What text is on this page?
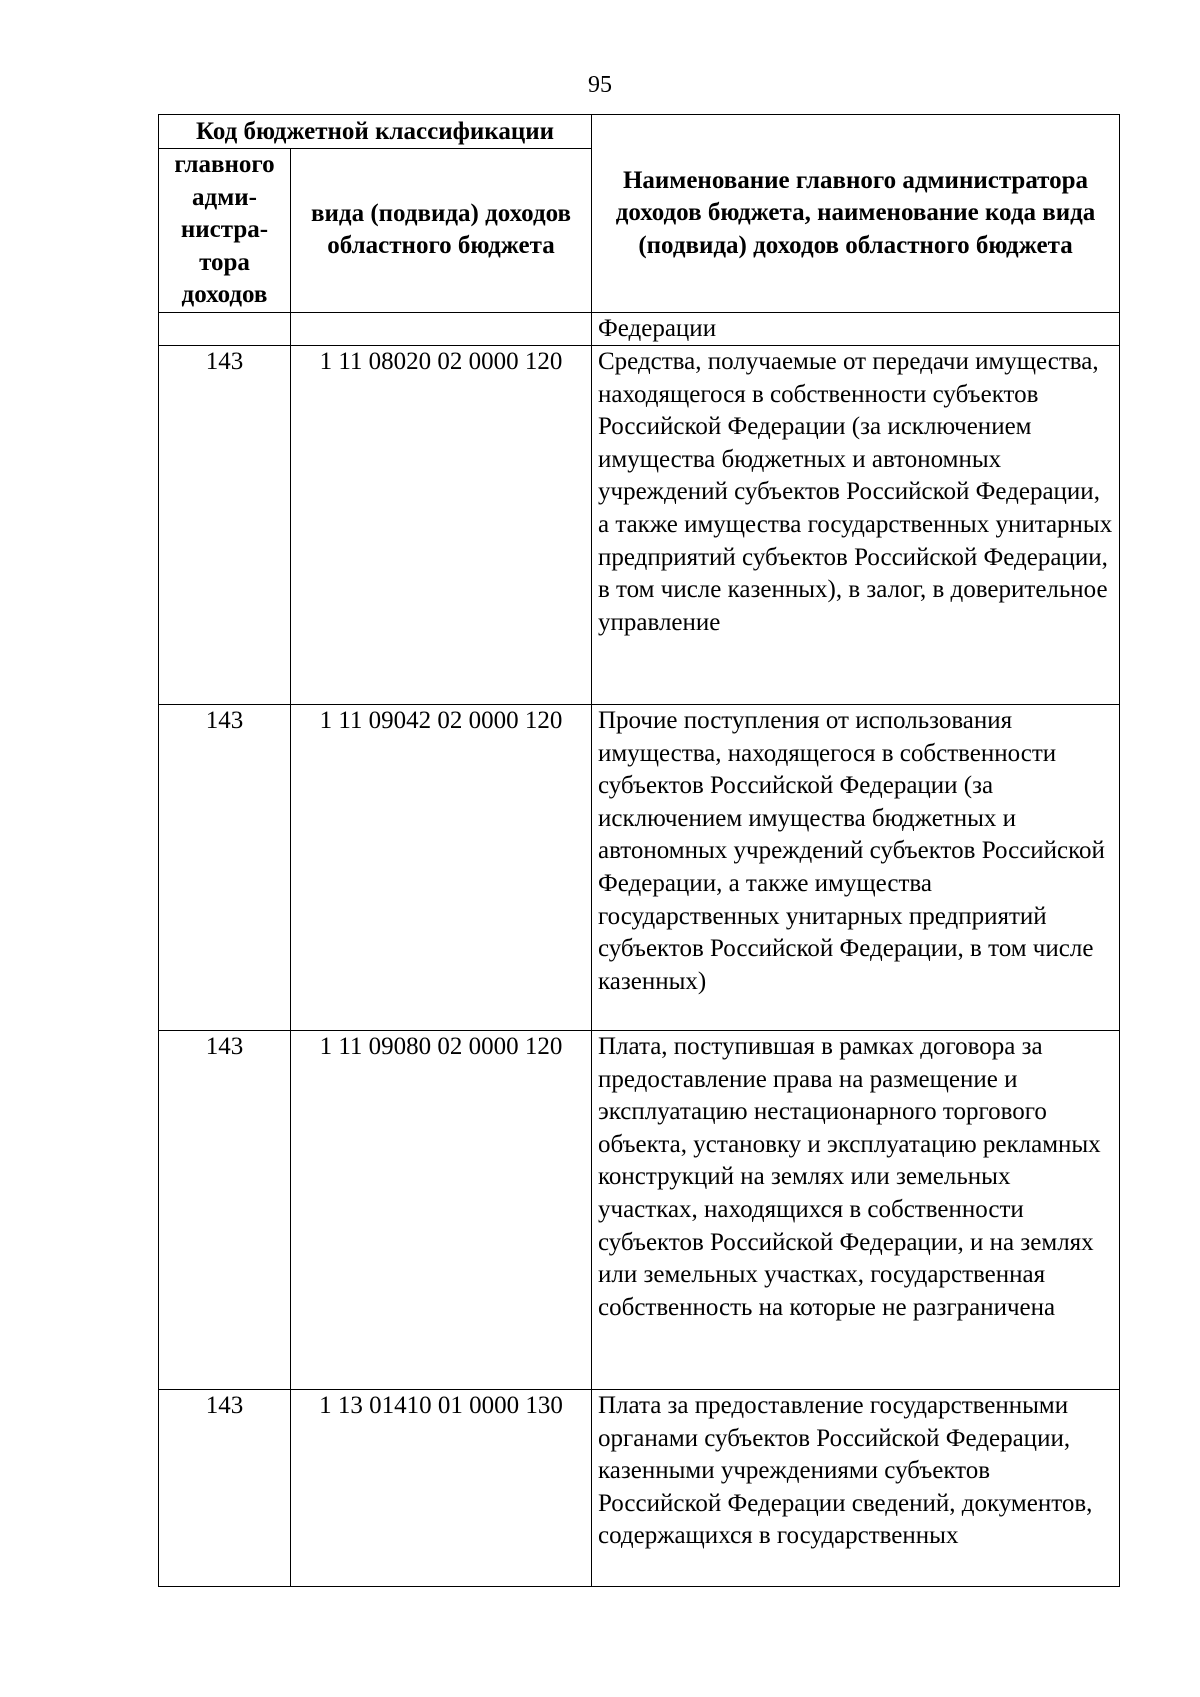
95
Код бюджетной классификации		Наименование главного администратора доходов бюджета, наименование кода вида (подвида) доходов областного бюджета
главного адми- нистра- тора доходов	вида (подвида) доходов областного бюджета	
		Федерации
143	1 11 08020 02 0000 120	Средства, получаемые от передачи имущества, находящегося в собственности субъектов Российской Федерации (за исключением имущества бюджетных и автономных учреждений субъектов Российской Федерации, а также имущества государственных унитарных предприятий субъектов Российской Федерации, в том числе казенных), в залог, в доверительное управление
143	1 11 09042 02 0000 120	Прочие поступления от использования имущества, находящегося в собственности субъектов Российской Федерации (за исключением имущества бюджетных и автономных учреждений субъектов Российской Федерации, а также имущества государственных унитарных предприятий субъектов Российской Федерации, в том числе казенных)
143	1 11 09080 02 0000 120	Плата, поступившая в рамках договора за предоставление права на размещение и эксплуатацию нестационарного торгового объекта, установку и эксплуатацию рекламных конструкций на землях или земельных участках, находящихся в собственности субъектов Российской Федерации, и на землях или земельных участках, государственная собственность на которые не разграничена
143	1 13 01410 01 0000 130	Плата за предоставление государственными органами субъектов Российской Федерации, казенными учреждениями субъектов Российской Федерации сведений, документов, содержащихся в государственных
